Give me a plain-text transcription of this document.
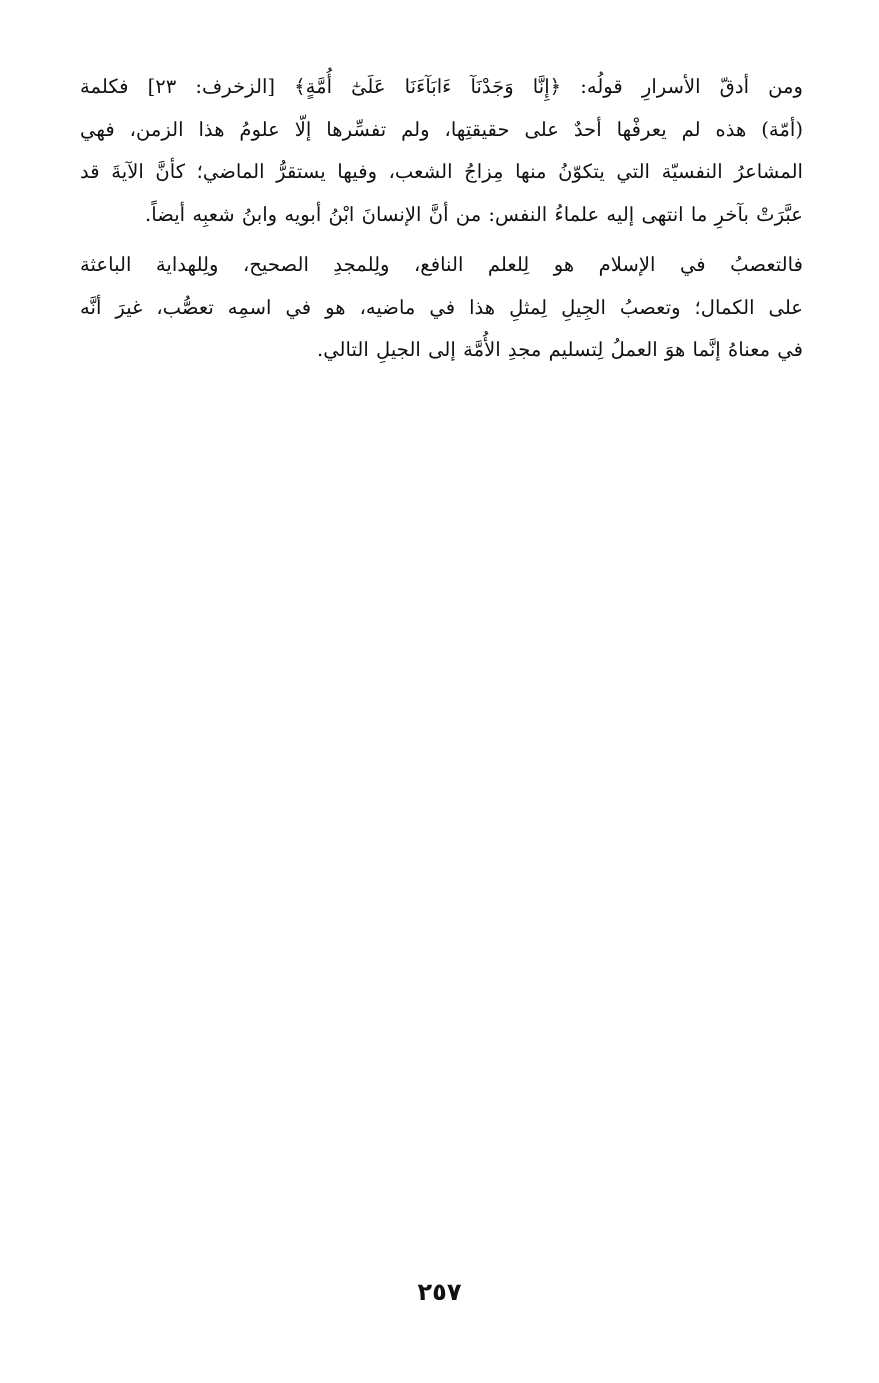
ومن أدقّ الأسرارِ قولُه: ﴿إِنَّا وَجَدْنَآ ءَابَآءَنَا عَلَىٰٓ أُمَّةٍ﴾ [الزخرف: ٢٣] فكلمة
(أمّة) هذه لم يعرفْها أحدٌ على حقيقتِها، ولم تفسِّرها إلّا علومُ هذا الزمن، فهي
المشاعرُ النفسيّة التي يتكوّنُ منها مِزاجُ الشعب، وفيها يستقرُّ الماضي؛ كأنَّ الآيةَ قد
عبَّرَتْ بآخرِ ما انتهى إليه علماءُ النفس: من أنَّ الإنسانَ ابْنُ أبويه وابنُ شعبِه أيضاً.

فالتعصبُ في الإسلام هو لِلعلم النافع، ولِلمجدِ الصحيح، ولِلهداية الباعثة
على الكمال؛ وتعصبُ الجِيلِ لِمثلِ هذا في ماضيه، هو في اسمِه تعصُّب، غيرَ أنَّه
في معناهُ إنَّما هوَ العملُ لِتسليم مجدِ الأُمَّة إلى الجيلِ التالي.

٢٥٧
